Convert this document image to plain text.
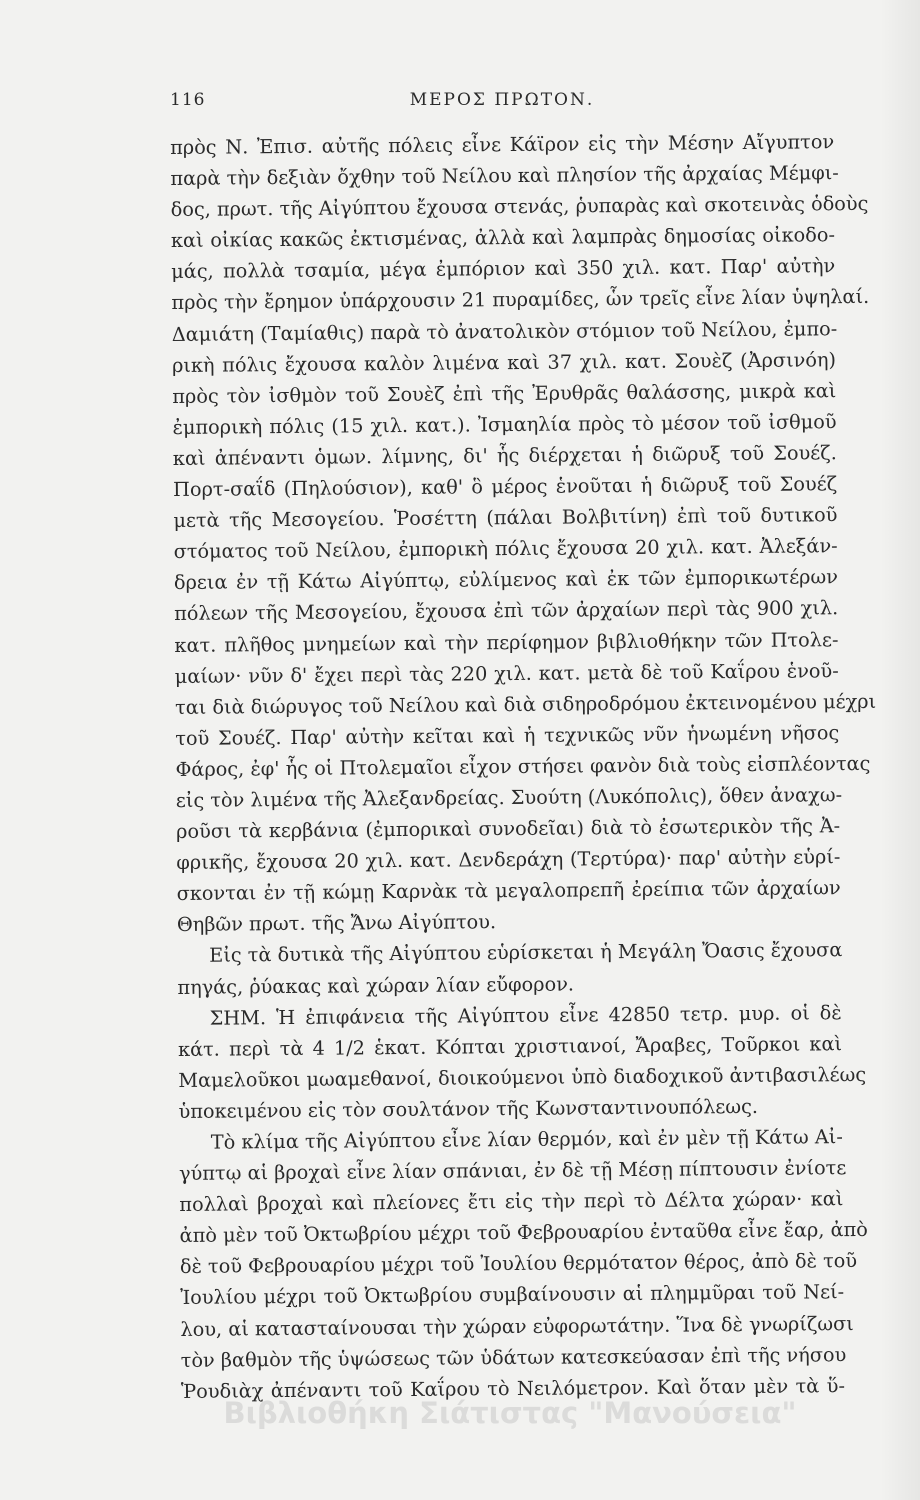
116	ΜΕΡΟΣ ΠΡΩΤΟΝ.
πρὸς Ν. Ἐπισ. αὐτῆς πόλεις εἶνε Κάϊρον εἰς τὴν Μέσην Αἴγυπτον
παρὰ τὴν δεξιὰν ὄχθην τοῦ Νείλου καὶ πλησίον τῆς ἀρχαίας Μέμφι-
δος, πρωτ. τῆς Αἰγύπτου ἔχουσα στενάς, ῥυπαρὰς καὶ σκοτεινὰς ὁδοὺς
καὶ οἰκίας κακῶς ἐκτισμένας, ἀλλὰ καὶ λαμπρὰς δημοσίας οἰκοδο-
μάς, πολλὰ τσαμία, μέγα ἐμπόριον καὶ 350 χιλ. κατ. Παρ' αὐτὴν
πρὸς τὴν ἔρημον ὑπάρχουσιν 21 πυραμίδες, ὧν τρεῖς εἶνε λίαν ὑψηλαί.
Δαμιάτη (Ταμίαθις) παρὰ τὸ ἀνατολικὸν στόμιον τοῦ Νείλου, ἐμπο-
ρικὴ πόλις ἔχουσα καλὸν λιμένα καὶ 37 χιλ. κατ. Σουὲζ (Ἀρσινόη)
πρὸς τὸν ἰσθμὸν τοῦ Σουὲζ ἐπὶ τῆς Ἐρυθρᾶς θαλάσσης, μικρὰ καὶ
ἐμπορικὴ πόλις (15 χιλ. κατ.). Ἰσμαηλία πρὸς τὸ μέσον τοῦ ἰσθμοῦ
καὶ ἀπέναντι ὁμων. λίμνης, δι' ἧς διέρχεται ἡ διῶρυξ τοῦ Σουέζ.
Πορτ-σαΐδ (Πηλούσιον), καθ' ὃ μέρος ἑνοῦται ἡ διῶρυξ τοῦ Σουέζ
μετὰ τῆς Μεσογείου. Ῥοσέττη (πάλαι Βολβιτίνη) ἐπὶ τοῦ δυτικοῦ
στόματος τοῦ Νείλου, ἐμπορικὴ πόλις ἔχουσα 20 χιλ. κατ. Ἀλεξάν-
δρεια ἐν τῇ Κάτω Αἰγύπτῳ, εὐλίμενος καὶ ἐκ τῶν ἐμπορικωτέρων
πόλεων τῆς Μεσογείου, ἔχουσα ἐπὶ τῶν ἀρχαίων περὶ τὰς 900 χιλ.
κατ. πλῆθος μνημείων καὶ τὴν περίφημον βιβλιοθήκην τῶν Πτολε-
μαίων· νῦν δ' ἔχει περὶ τὰς 220 χιλ. κατ. μετὰ δὲ τοῦ Καΐρου ἑνοῦ-
ται διὰ διώρυγος τοῦ Νείλου καὶ διὰ σιδηροδρόμου ἐκτεινομένου μέχρι
τοῦ Σουέζ. Παρ' αὐτὴν κεῖται καὶ ἡ τεχνικῶς νῦν ἡνωμένη νῆσος
Φάρος, ἐφ' ἧς οἱ Πτολεμαῖοι εἶχον στήσει φανὸν διὰ τοὺς εἰσπλέοντας
εἰς τὸν λιμένα τῆς Ἀλεξανδρείας. Συούτη (Λυκόπολις), ὅθεν ἀναχω-
ροῦσι τὰ κερβάνια (ἐμπορικαὶ συνοδεῖαι) διὰ τὸ ἐσωτερικὸν τῆς Ἀ-
φρικῆς, ἔχουσα 20 χιλ. κατ. Δενδεράχη (Τερτύρα)· παρ' αὐτὴν εὑρί-
σκονται ἐν τῇ κώμῃ Καρνὰκ τὰ μεγαλοπρεπῆ ἐρείπια τῶν ἀρχαίων
Θηβῶν πρωτ. τῆς Ἄνω Αἰγύπτου.
Εἰς τὰ δυτικὰ τῆς Αἰγύπτου εὑρίσκεται ἡ Μεγάλη Ὄασις ἔχουσα
πηγάς, ῥύακας καὶ χώραν λίαν εὔφορον.
ΣΗΜ. Ἡ ἐπιφάνεια τῆς Αἰγύπτου εἶνε 42850 τετρ. μυρ. οἱ δὲ
κάτ. περὶ τὰ 4 1/2 ἑκατ. Κόπται χριστιανοί, Ἄραβες, Τοῦρκοι καὶ
Μαμελοῦκοι μωαμεθανοί, διοικούμενοι ὑπὸ διαδοχικοῦ ἀντιβασιλέως
ὑποκειμένου εἰς τὸν σουλτάνον τῆς Κωνσταντινουπόλεως.
Τὸ κλίμα τῆς Αἰγύπτου εἶνε λίαν θερμόν, καὶ ἐν μὲν τῇ Κάτω Αἰ-
γύπτῳ αἱ βροχαὶ εἶνε λίαν σπάνιαι, ἐν δὲ τῇ Μέσῃ πίπτουσιν ἐνίοτε
πολλαὶ βροχαὶ καὶ πλείονες ἔτι εἰς τὴν περὶ τὸ Δέλτα χώραν· καὶ
ἀπὸ μὲν τοῦ Ὀκτωβρίου μέχρι τοῦ Φεβρουαρίου ἐνταῦθα εἶνε ἔαρ, ἀπὸ
δὲ τοῦ Φεβρουαρίου μέχρι τοῦ Ἰουλίου θερμότατον θέρος, ἀπὸ δὲ τοῦ
Ἰουλίου μέχρι τοῦ Ὀκτωβρίου συμβαίνουσιν αἱ πλημμῦραι τοῦ Νεί-
λου, αἱ κατασταίνουσαι τὴν χώραν εὐφορωτάτην. Ἵνα δὲ γνωρίζωσι
τὸν βαθμὸν τῆς ὑψώσεως τῶν ὑδάτων κατεσκεύασαν ἐπὶ τῆς νήσου
Ῥουδιὰχ ἀπέναντι τοῦ Καΐρου τὸ Νειλόμετρον. Καὶ ὅταν μὲν τὰ ὕ-
Βιβλιοθήκη Σιάτιστας "Μανούσεια"
